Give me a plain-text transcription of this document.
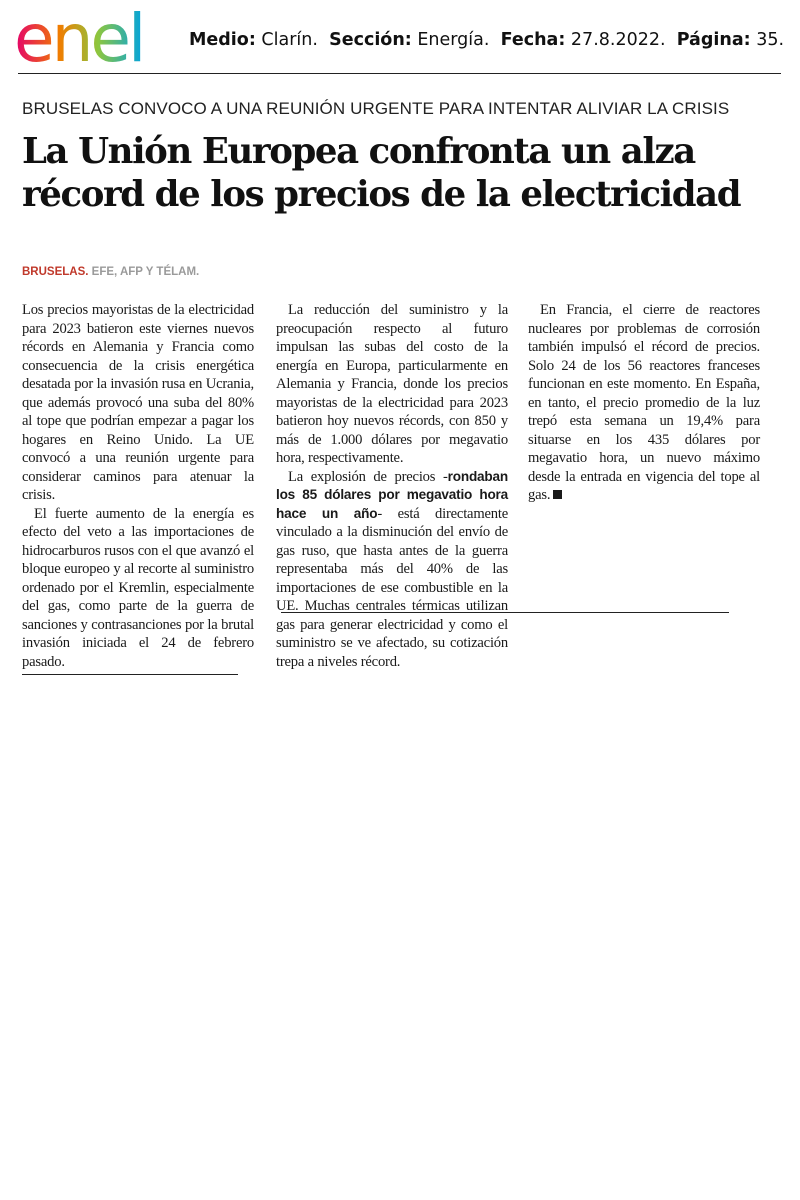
enel	Medio: Clarín. Sección: Energía. Fecha: 27.8.2022. Página: 35.
BRUSELAS CONVOCO A UNA REUNIÓN URGENTE PARA INTENTAR ALIVIAR LA CRISIS
La Unión Europea confronta un alza
récord de los precios de la electricidad
BRUSELAS. EFE, AFP Y TÉLAM.

Los precios mayoristas de la electricidad para 2023 batieron este viernes nuevos récords en Alemania y Francia como consecuencia de la crisis energética desatada por la invasión rusa en Ucrania, que además provocó una suba del 80% al tope que podrían empezar a pagar los hogares en Reino Unido. La UE convocó a una reunión urgente para considerar caminos para atenuar la crisis.

El fuerte aumento de la energía es efecto del veto a las importaciones de hidrocarburos rusos con el que avanzó el bloque europeo y al recorte al suministro ordenado por el Kremlin, especialmente del gas, como parte de la guerra de sanciones y contrasanciones por la brutal invasión iniciada el 24 de febrero pasado.

La reducción del suministro y la preocupación respecto al futuro impulsan las subas del costo de la energía en Europa, particularmente en Alemania y Francia, donde los precios mayoristas de la electricidad para 2023 batieron hoy nuevos récords, con 850 y más de 1.000 dólares por megavatio hora, respectivamente.

La explosión de precios -rondaban los 85 dólares por megavatio hora hace un año- está directamente vinculado a la disminución del envío de gas ruso, que hasta antes de la guerra representaba más del 40% de las importaciones de ese combustible en la UE. Muchas centrales térmicas utilizan gas para generar electricidad y como el suministro se ve afectado, su cotización trepa a niveles récord.

En Francia, el cierre de reactores nucleares por problemas de corrosión también impulsó el récord de precios. Solo 24 de los 56 reactores franceses funcionan en este momento. En España, en tanto, el precio promedio de la luz trepó esta semana un 19,4% para situarse en los 435 dólares por megavatio hora, un nuevo máximo desde la entrada en vigencia del tope al gas.
